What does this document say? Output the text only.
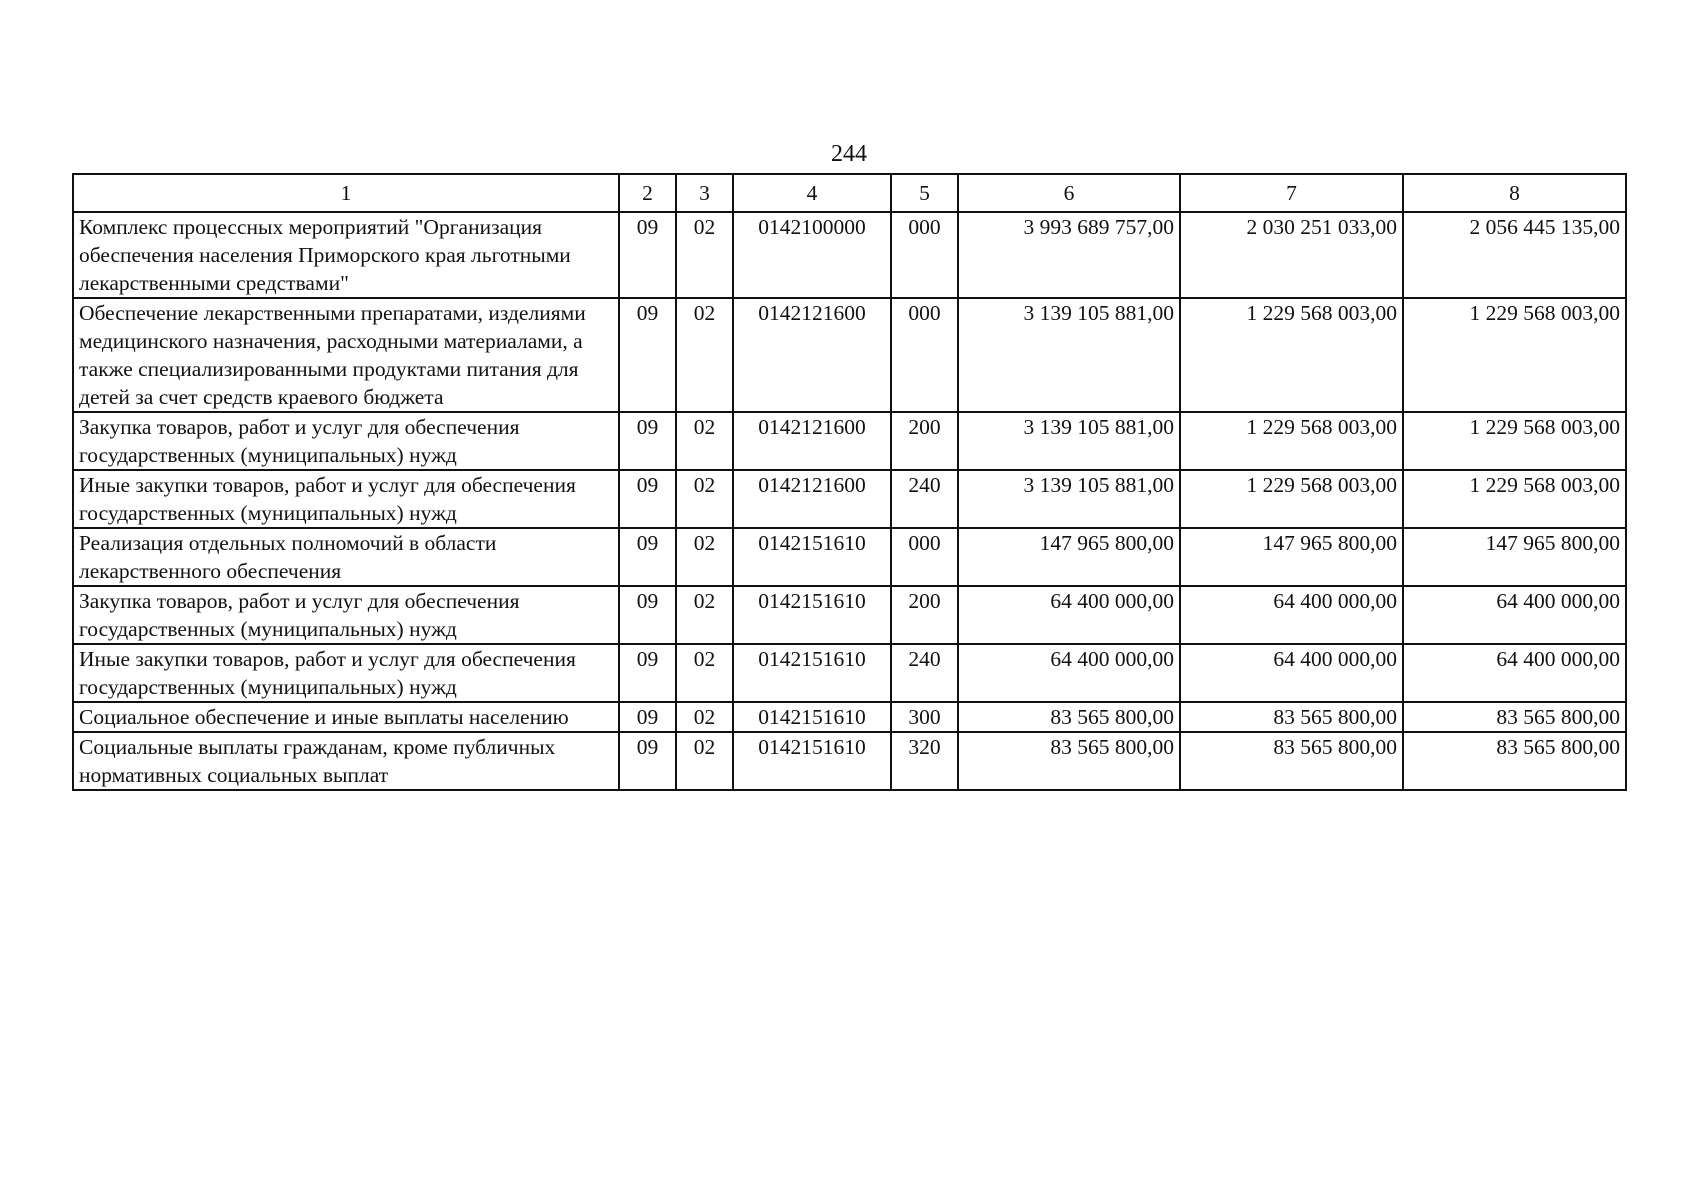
244
1	2	3	4	5	6	7	8
Комплекс процессных мероприятий "Организация обеспечения населения Приморского края льготными лекарственными средствами"	09	02	0142100000	000	3 993 689 757,00	2 030 251 033,00	2 056 445 135,00
Обеспечение лекарственными препаратами, изделиями медицинского назначения, расходными материалами, а также специализированными продуктами питания для детей за счет средств краевого бюджета	09	02	0142121600	000	3 139 105 881,00	1 229 568 003,00	1 229 568 003,00
Закупка товаров, работ и услуг для обеспечения государственных (муниципальных) нужд	09	02	0142121600	200	3 139 105 881,00	1 229 568 003,00	1 229 568 003,00
Иные закупки товаров, работ и услуг для обеспечения государственных (муниципальных) нужд	09	02	0142121600	240	3 139 105 881,00	1 229 568 003,00	1 229 568 003,00
Реализация отдельных полномочий в области лекарственного обеспечения	09	02	0142151610	000	147 965 800,00	147 965 800,00	147 965 800,00
Закупка товаров, работ и услуг для обеспечения государственных (муниципальных) нужд	09	02	0142151610	200	64 400 000,00	64 400 000,00	64 400 000,00
Иные закупки товаров, работ и услуг для обеспечения государственных (муниципальных) нужд	09	02	0142151610	240	64 400 000,00	64 400 000,00	64 400 000,00
Социальное обеспечение и иные выплаты населению	09	02	0142151610	300	83 565 800,00	83 565 800,00	83 565 800,00
Социальные выплаты гражданам, кроме публичных нормативных социальных выплат	09	02	0142151610	320	83 565 800,00	83 565 800,00	83 565 800,00
